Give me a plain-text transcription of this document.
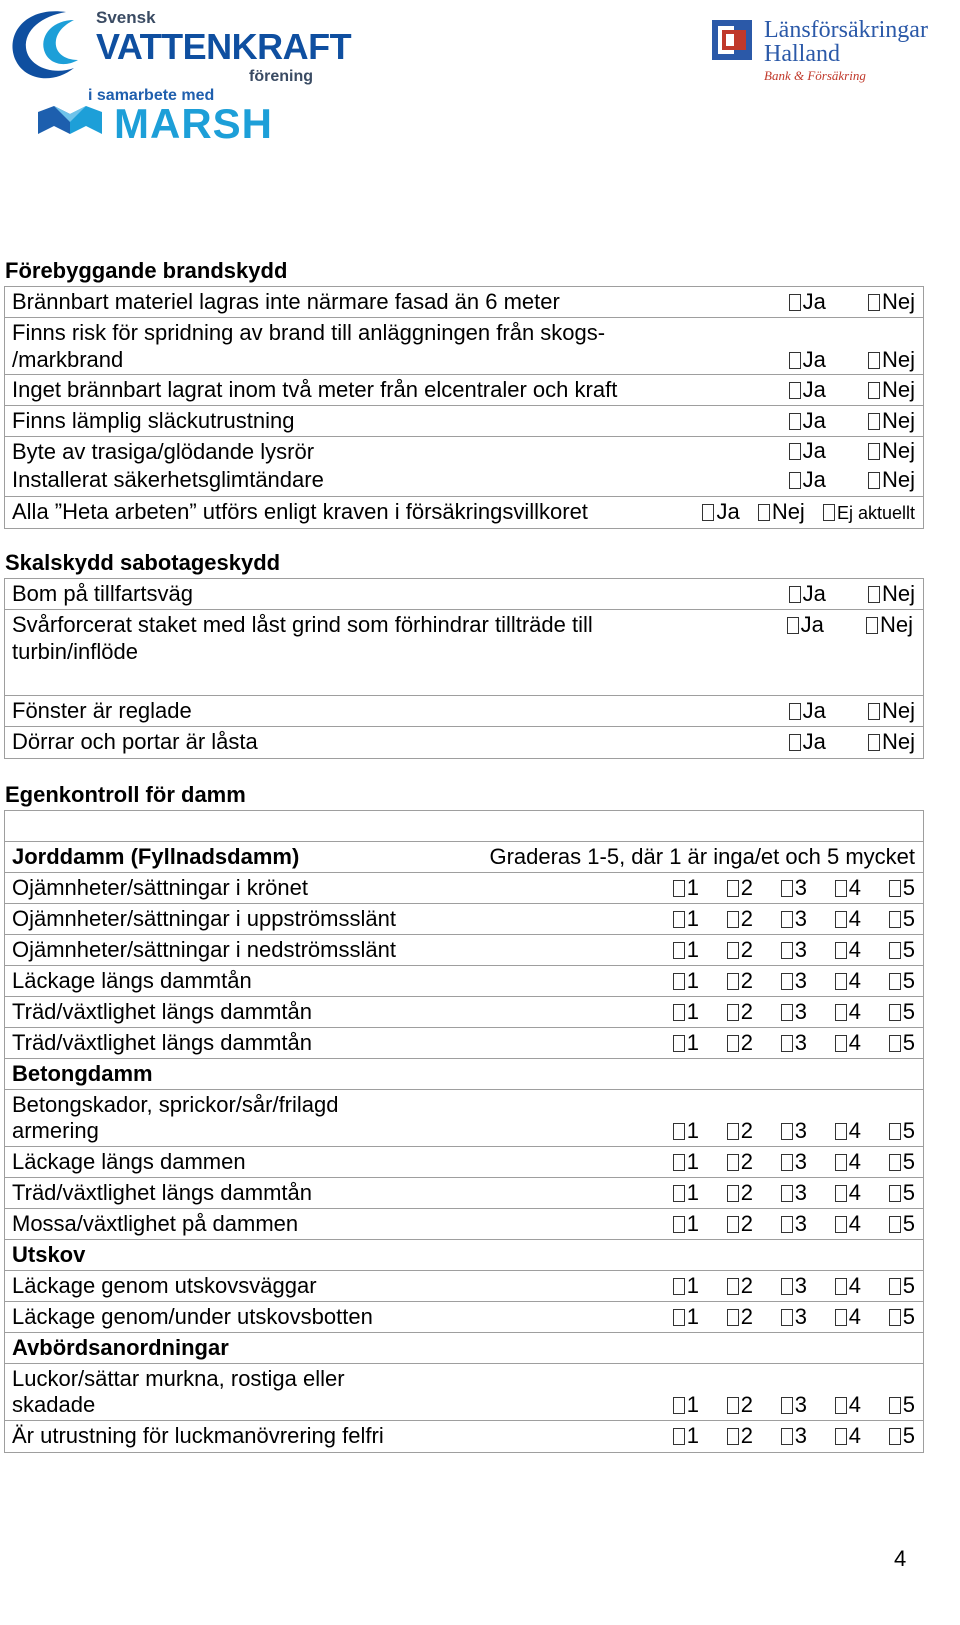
Svensk
VATTENKRAFT
förening
i samarbete med
MARSH
Länsförsäkringar
Halland
Bank & Försäkring
Förebyggande brandskydd
Brännbart materiel lagras inte närmare fasad än 6 meter	Ja	Nej
Finns risk för spridning av brand till anläggningen från skogs-
/markbrand	Ja	Nej
Inget brännbart lagrat inom två meter från elcentraler och kraft	Ja	Nej
Finns lämplig släckutrustning	Ja	Nej
Byte av trasiga/glödande lysrör	Ja	Nej
Installerat säkerhetsglimtändare	Ja	Nej
Alla ”Heta arbeten” utförs enligt kraven i försäkringsvillkoret	Ja Nej Ej aktuellt
Skalskydd sabotageskydd
Bom på tillfartsväg	Ja	Nej
Svårforcerat staket med låst grind som förhindrar tillträde till
turbin/inflöde
Ja	Nej
Fönster är reglade	Ja	Nej
Dörrar och portar är låsta	Ja	Nej
Egenkontroll för damm
Jorddamm (Fyllnadsdamm)	Graderas 1-5, där 1 är inga/et och 5 mycket
Ojämnheter/sättningar i krönet	1 2 3 4 5
Ojämnheter/sättningar i uppströmsslänt	1 2 3 4 5
Ojämnheter/sättningar i nedströmsslänt	1 2 3 4 5
Läckage längs dammtån	1 2 3 4 5
Träd/växtlighet längs dammtån	1 2 3 4 5
Träd/växtlighet längs dammtån	1 2 3 4 5
Betongdamm
Betongskador, sprickor/sår/frilagd
armering	1 2 3 4 5
Läckage längs dammen	1 2 3 4 5
Träd/växtlighet längs dammtån	1 2 3 4 5
Mossa/växtlighet på dammen	1 2 3 4 5
Utskov
Läckage genom utskovsväggar	1 2 3 4 5
Läckage genom/under utskovsbotten	1 2 3 4 5
Avbördsanordningar
Luckor/sättar murkna, rostiga eller
skadade	1 2 3 4 5
Är utrustning för luckmanövrering felfri	1 2 3 4 5
4
